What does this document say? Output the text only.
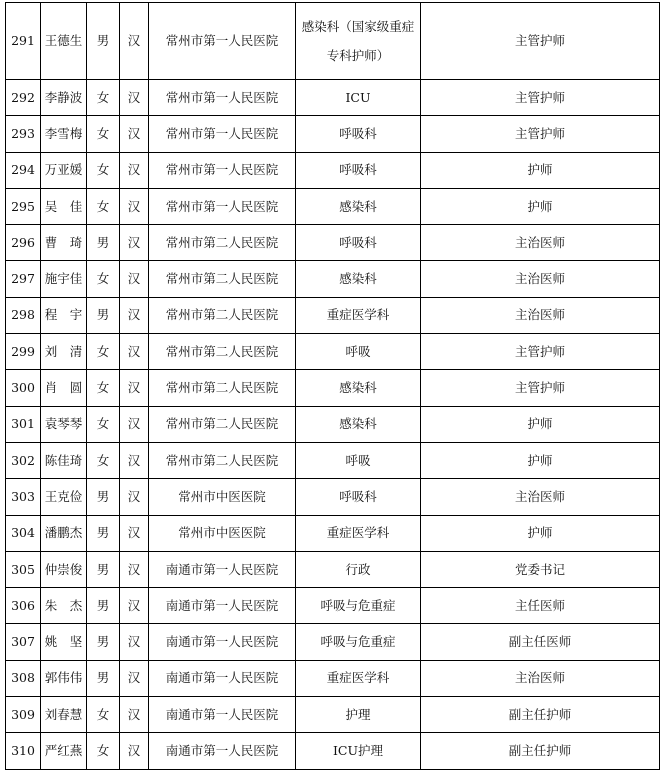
291	王德生	男	汉	常州市第一人民医院	感染科（国家级重症专科护师）	主管护师
292	李静波	女	汉	常州市第一人民医院	ICU	主管护师
293	李雪梅	女	汉	常州市第一人民医院	呼吸科	主管护师
294	万亚媛	女	汉	常州市第一人民医院	呼吸科	护师
295	吴　佳	女	汉	常州市第一人民医院	感染科	护师
296	曹　琦	男	汉	常州市第二人民医院	呼吸科	主治医师
297	施宇佳	女	汉	常州市第二人民医院	感染科	主治医师
298	程　宇	男	汉	常州市第二人民医院	重症医学科	主治医师
299	刘　清	女	汉	常州市第二人民医院	呼吸	主管护师
300	肖　圆	女	汉	常州市第二人民医院	感染科	主管护师
301	袁琴琴	女	汉	常州市第二人民医院	感染科	护师
302	陈佳琦	女	汉	常州市第二人民医院	呼吸	护师
303	王克俭	男	汉	常州市中医医院	呼吸科	主治医师
304	潘鹏杰	男	汉	常州市中医医院	重症医学科	护师
305	仲崇俊	男	汉	南通市第一人民医院	行政	党委书记
306	朱　杰	男	汉	南通市第一人民医院	呼吸与危重症	主任医师
307	姚　坚	男	汉	南通市第一人民医院	呼吸与危重症	副主任医师
308	郭伟伟	男	汉	南通市第一人民医院	重症医学科	主治医师
309	刘春慧	女	汉	南通市第一人民医院	护理	副主任护师
310	严红燕	女	汉	南通市第一人民医院	ICU护理	副主任护师
